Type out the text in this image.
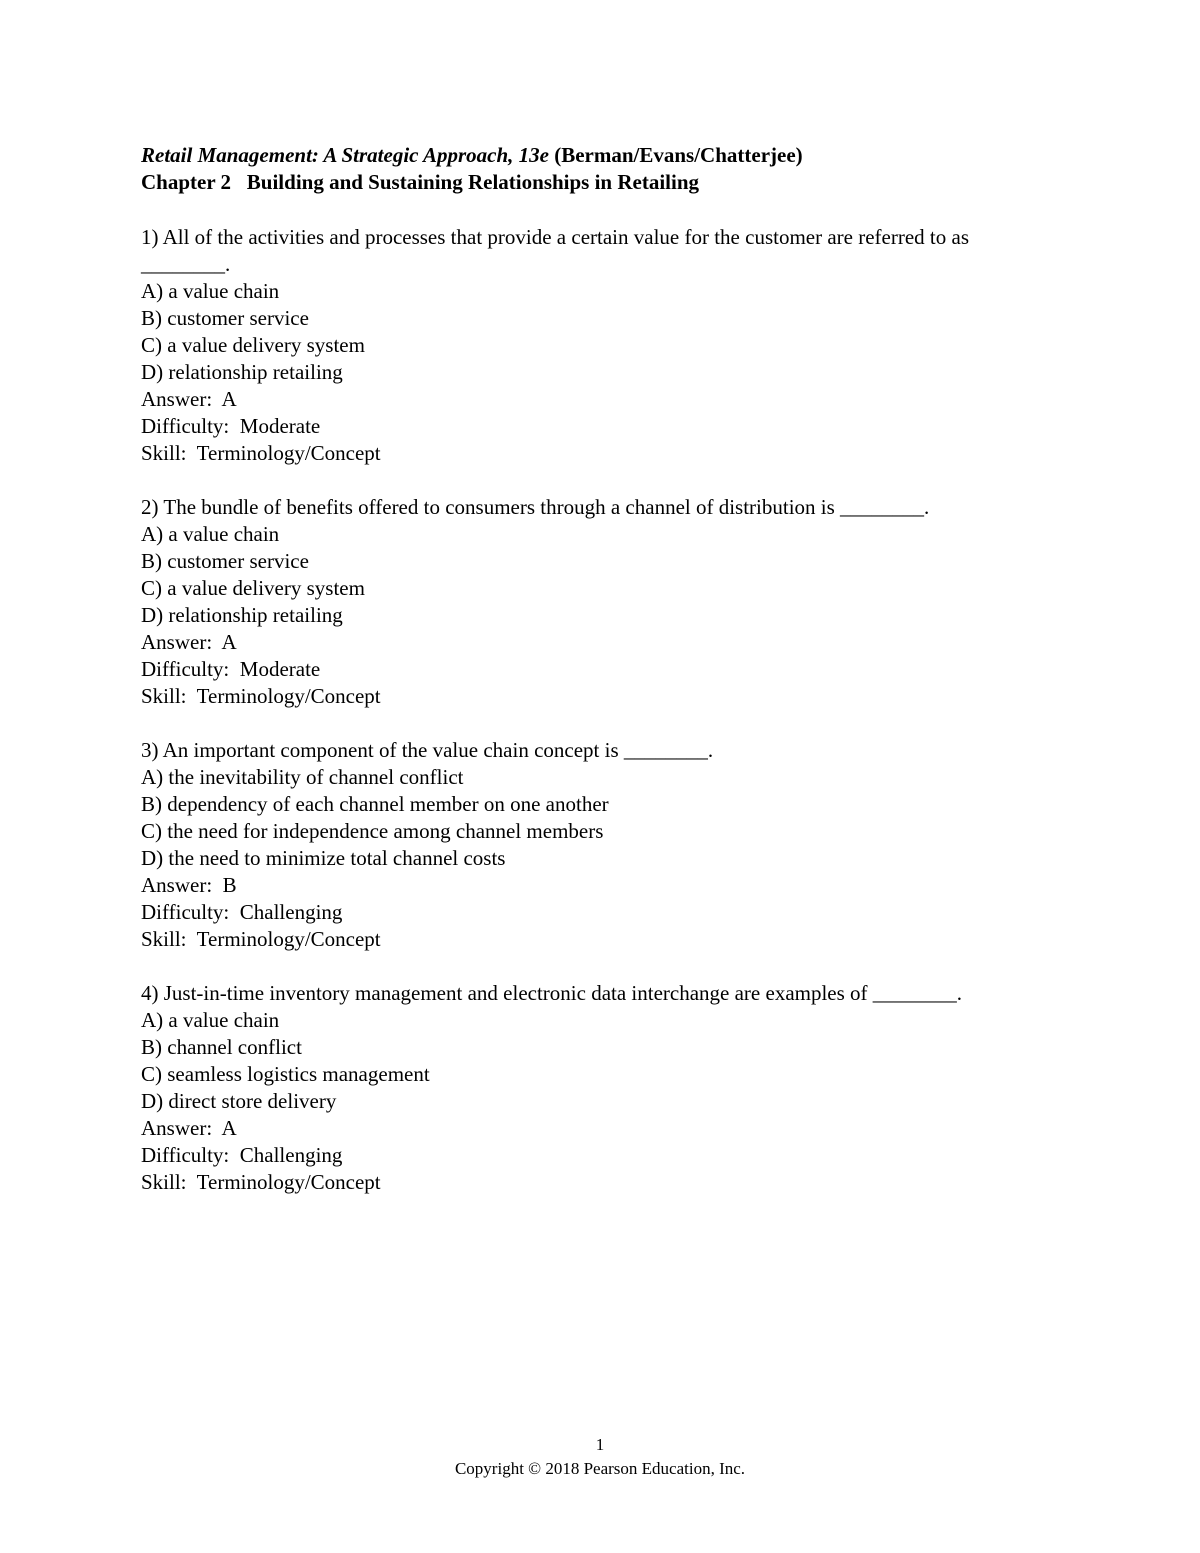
Retail Management: A Strategic Approach, 13e (Berman/Evans/Chatterjee)
Chapter 2   Building and Sustaining Relationships in Retailing
1) All of the activities and processes that provide a certain value for the customer are referred to as ________.
A) a value chain
B) customer service
C) a value delivery system
D) relationship retailing
Answer:  A
Difficulty:  Moderate
Skill:  Terminology/Concept
2) The bundle of benefits offered to consumers through a channel of distribution is ________.
A) a value chain
B) customer service
C) a value delivery system
D) relationship retailing
Answer:  A
Difficulty:  Moderate
Skill:  Terminology/Concept
3) An important component of the value chain concept is ________.
A) the inevitability of channel conflict
B) dependency of each channel member on one another
C) the need for independence among channel members
D) the need to minimize total channel costs
Answer:  B
Difficulty:  Challenging
Skill:  Terminology/Concept
4) Just-in-time inventory management and electronic data interchange are examples of ________.
A) a value chain
B) channel conflict
C) seamless logistics management
D) direct store delivery
Answer:  A
Difficulty:  Challenging
Skill:  Terminology/Concept
1
Copyright © 2018 Pearson Education, Inc.
